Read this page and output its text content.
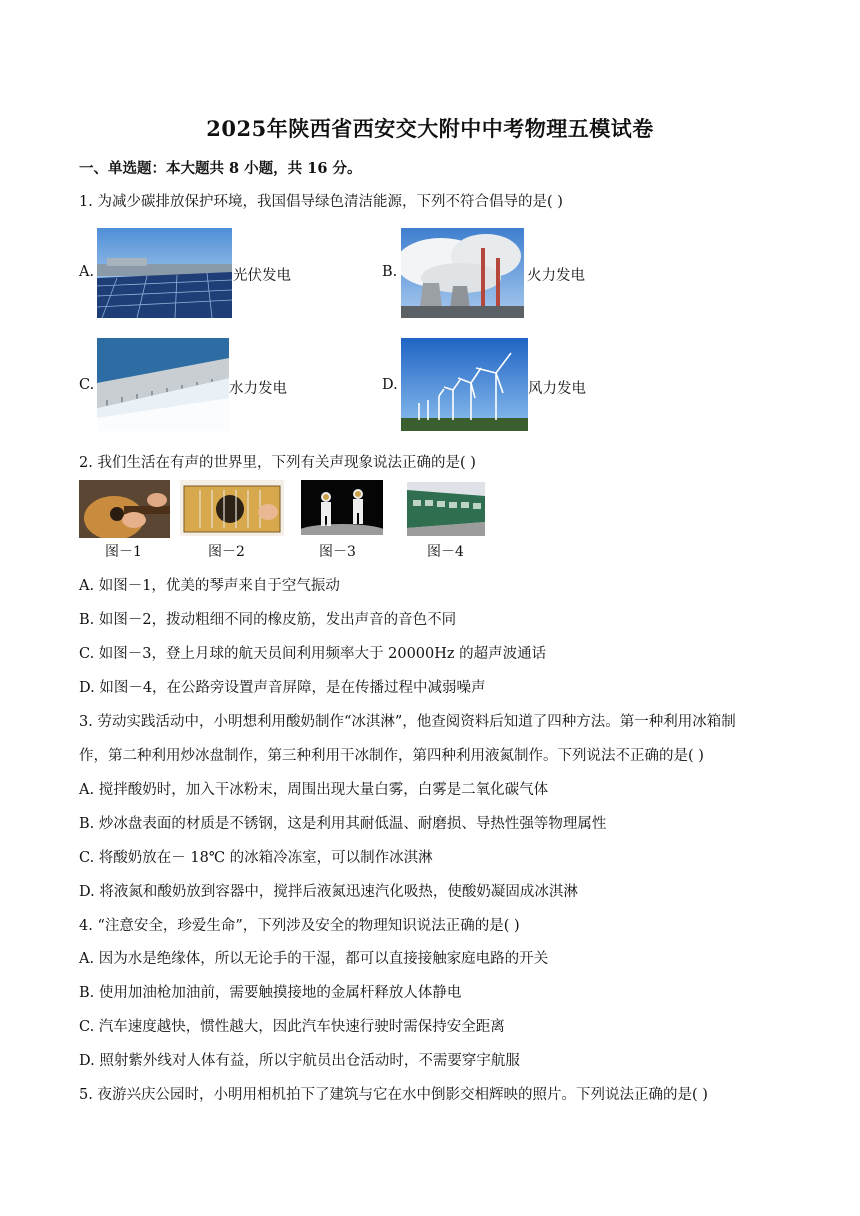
2025年陕西省西安交大附中中考物理五模试卷
一、单选题：本大题共 8 小题，共 16 分。
1. 为减少碳排放保护环境，我国倡导绿色清洁能源，下列不符合倡导的是( )
A.	光伏发电	B.	火力发电
C.	水力发电	D.	风力发电
2. 我们生活在有声的世界里，下列有关声现象说法正确的是( )
图－1	图－2	图－3	图－4
A. 如图－1，优美的琴声来自于空气振动
B. 如图－2，拨动粗细不同的橡皮筋，发出声音的音色不同
C. 如图－3，登上月球的航天员间利用频率大于 20000Hz 的超声波通话
D. 如图－4，在公路旁设置声音屏障，是在传播过程中减弱噪声
3. 劳动实践活动中，小明想利用酸奶制作“冰淇淋”，他查阅资料后知道了四种方法。第一种利用冰箱制
作，第二种利用炒冰盘制作，第三种利用干冰制作，第四种利用液氮制作。下列说法不正确的是( )
A. 搅拌酸奶时，加入干冰粉末，周围出现大量白雾，白雾是二氧化碳气体
B. 炒冰盘表面的材质是不锈钢，这是利用其耐低温、耐磨损、导热性强等物理属性
C. 将酸奶放在－ 18℃ 的冰箱冷冻室，可以制作冰淇淋
D. 将液氮和酸奶放到容器中，搅拌后液氮迅速汽化吸热，使酸奶凝固成冰淇淋
4. “注意安全，珍爱生命”，下列涉及安全的物理知识说法正确的是( )
A. 因为水是绝缘体，所以无论手的干湿，都可以直接接触家庭电路的开关
B. 使用加油枪加油前，需要触摸接地的金属杆释放人体静电
C. 汽车速度越快，惯性越大，因此汽车快速行驶时需保持安全距离
D. 照射紫外线对人体有益，所以宇航员出仓活动时，不需要穿宇航服
5. 夜游兴庆公园时，小明用相机拍下了建筑与它在水中倒影交相辉映的照片。下列说法正确的是( )
